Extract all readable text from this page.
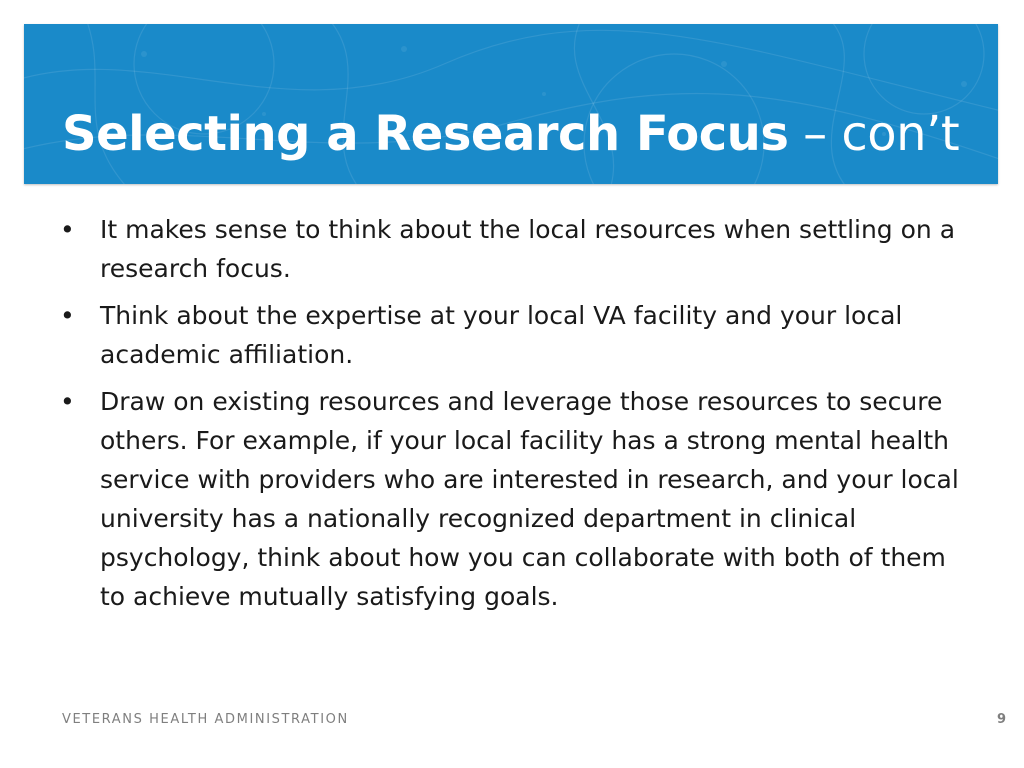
Selecting a Research Focus – con’t
• It makes sense to think about the local resources when settling on a research focus.
• Think about the expertise at your local VA facility and your local academic affiliation.
• Draw on existing resources and leverage those resources to secure others. For example, if your local facility has a strong mental health service with providers who are interested in research, and your local university has a nationally recognized department in clinical psychology, think about how you can collaborate with both of them to achieve mutually satisfying goals.
VETERANS HEALTH ADMINISTRATION	9
